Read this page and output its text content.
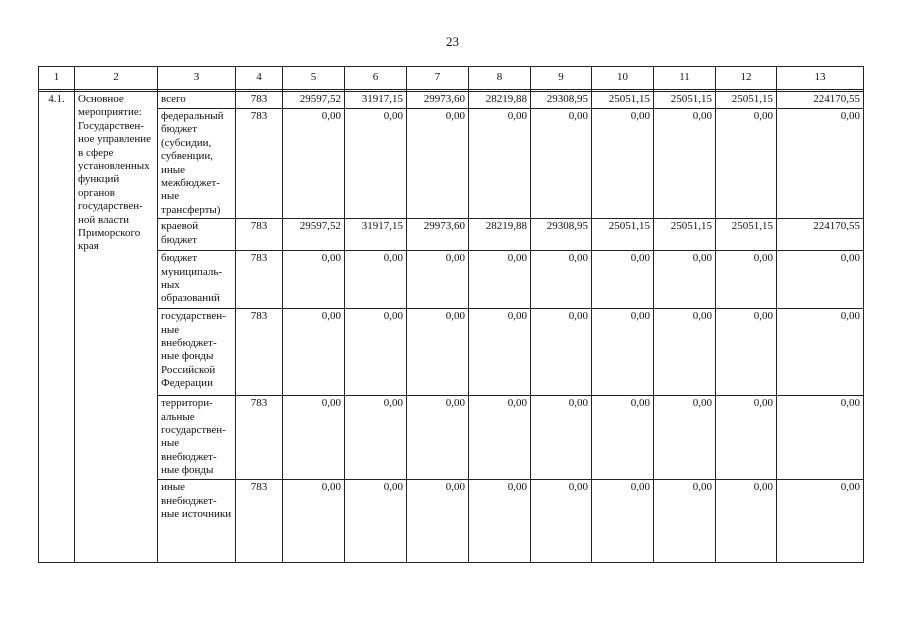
23
1	2	3	4	5	6	7	8	9	10	11	12	13

4.1.	Основное мероприятие: Государствен-ное управление в сфере установленных функций органов государствен-ной власти Приморского края	всего	783	29597,52	31917,15	29973,60	28219,88	29308,95	25051,15	25051,15	25051,15	224170,55
		федеральный бюджет (субсидии, субвенции, иные межбюджет-ные трансферты)	783	0,00	0,00	0,00	0,00	0,00	0,00	0,00	0,00	0,00
		краевой бюджет	783	29597,52	31917,15	29973,60	28219,88	29308,95	25051,15	25051,15	25051,15	224170,55
		бюджет муниципаль-ных образований	783	0,00	0,00	0,00	0,00	0,00	0,00	0,00	0,00	0,00
		государствен-ные внебюджет-ные фонды Российской Федерации	783	0,00	0,00	0,00	0,00	0,00	0,00	0,00	0,00	0,00
		территори-альные государствен-ные внебюджет-ные фонды	783	0,00	0,00	0,00	0,00	0,00	0,00	0,00	0,00	0,00
		иные внебюджет-ные источники	783	0,00	0,00	0,00	0,00	0,00	0,00	0,00	0,00	0,00
